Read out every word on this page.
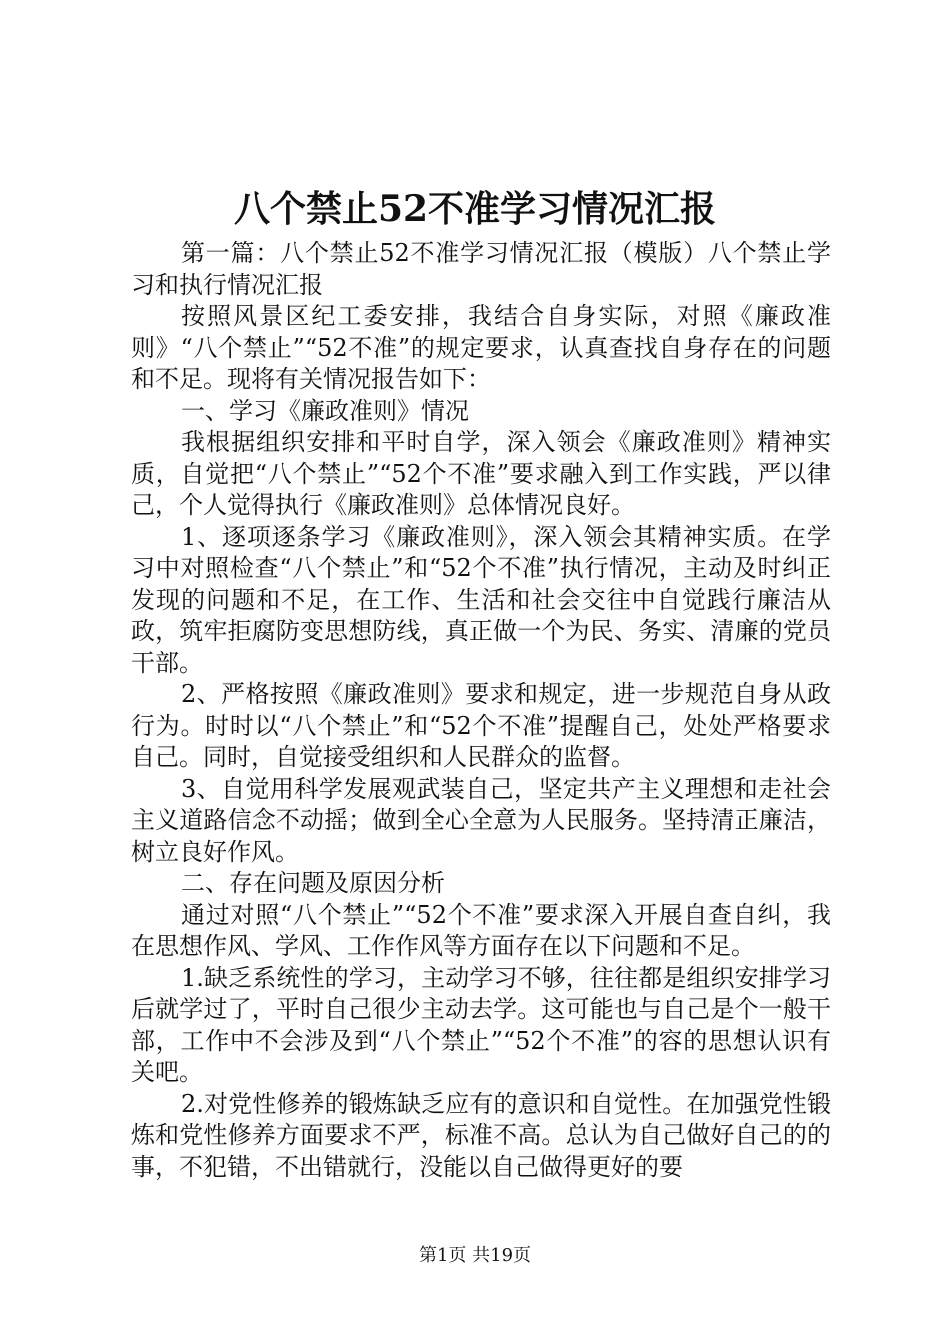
八个禁止52不准学习情况汇报

第一篇：八个禁止52不准学习情况汇报（模版）八个禁止学习和执行情况汇报

按照风景区纪工委安排，我结合自身实际，对照《廉政准则》“八个禁止”“52不准”的规定要求，认真查找自身存在的问题和不足。现将有关情况报告如下：

一、学习《廉政准则》情况

我根据组织安排和平时自学，深入领会《廉政准则》精神实质，自觉把“八个禁止”“52个不准”要求融入到工作实践，严以律己，个人觉得执行《廉政准则》总体情况良好。

1、逐项逐条学习《廉政准则》，深入领会其精神实质。在学习中对照检查“八个禁止”和“52个不准”执行情况，主动及时纠正发现的问题和不足，在工作、生活和社会交往中自觉践行廉洁从政，筑牢拒腐防变思想防线，真正做一个为民、务实、清廉的党员干部。

2、严格按照《廉政准则》要求和规定，进一步规范自身从政行为。时时以“八个禁止”和“52个不准”提醒自己，处处严格要求自己。同时，自觉接受组织和人民群众的监督。

3、自觉用科学发展观武装自己，坚定共产主义理想和走社会主义道路信念不动摇；做到全心全意为人民服务。坚持清正廉洁，树立良好作风。

二、存在问题及原因分析

通过对照“八个禁止”“52个不准”要求深入开展自查自纠，我在思想作风、学风、工作作风等方面存在以下问题和不足。

1.缺乏系统性的学习，主动学习不够，往往都是组织安排学习后就学过了，平时自己很少主动去学。这可能也与自己是个一般干部，工作中不会涉及到“八个禁止”“52个不准”的容的思想认识有关吧。

2.对党性修养的锻炼缺乏应有的意识和自觉性。在加强党性锻炼和党性修养方面要求不严，标准不高。总认为自己做好自己的的事，不犯错，不出错就行，没能以自己做得更好的要

第1页 共19页
